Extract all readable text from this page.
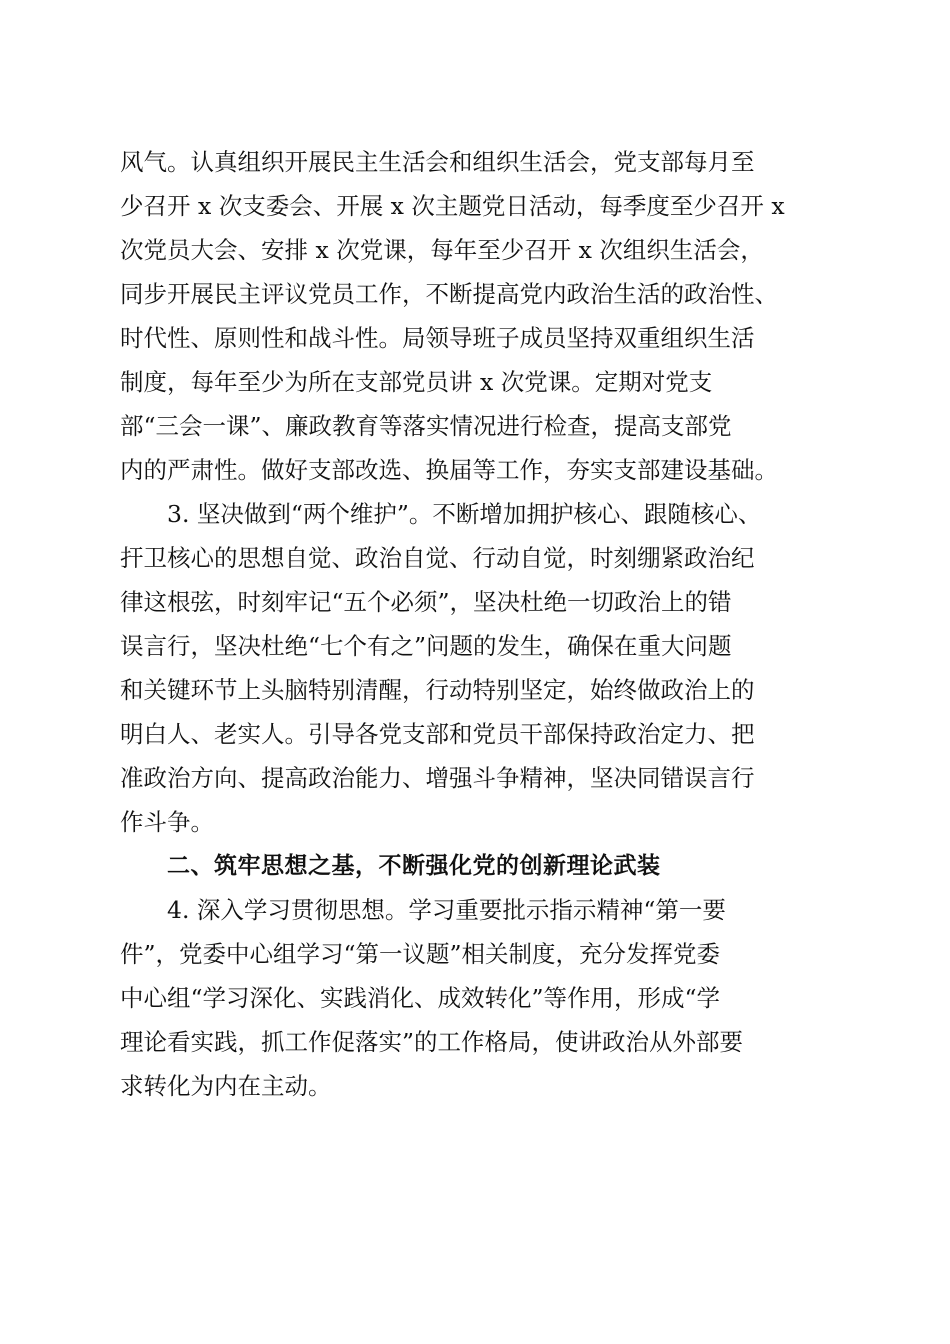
风气。认真组织开展民主生活会和组织生活会，党支部每月至
少召开 x 次支委会、开展 x 次主题党日活动，每季度至少召开 x
次党员大会、安排 x 次党课，每年至少召开 x 次组织生活会，
同步开展民主评议党员工作，不断提高党内政治生活的政治性、
时代性、原则性和战斗性。局领导班子成员坚持双重组织生活
制度，每年至少为所在支部党员讲 x 次党课。定期对党支
部“三会一课”、廉政教育等落实情况进行检查，提高支部党
内的严肃性。做好支部改选、换届等工作，夯实支部建设基础。
3. 坚决做到“两个维护”。不断增加拥护核心、跟随核心、
扞卫核心的思想自觉、政治自觉、行动自觉，时刻绷紧政治纪
律这根弦，时刻牢记“五个必须”，坚决杜绝一切政治上的错
误言行，坚决杜绝“七个有之”问题的发生，确保在重大问题
和关键环节上头脑特别清醒，行动特别坚定，始终做政治上的
明白人、老实人。引导各党支部和党员干部保持政治定力、把
准政治方向、提高政治能力、增强斗争精神，坚决同错误言行
作斗争。
二、筑牢思想之基，不断强化党的创新理论武装
4. 深入学习贯彻思想。学习重要批示指示精神“第一要
件”，党委中心组学习“第一议题”相关制度，充分发挥党委
中心组“学习深化、实践消化、成效转化”等作用，形成“学
理论看实践，抓工作促落实”的工作格局，使讲政治从外部要
求转化为内在主动。
